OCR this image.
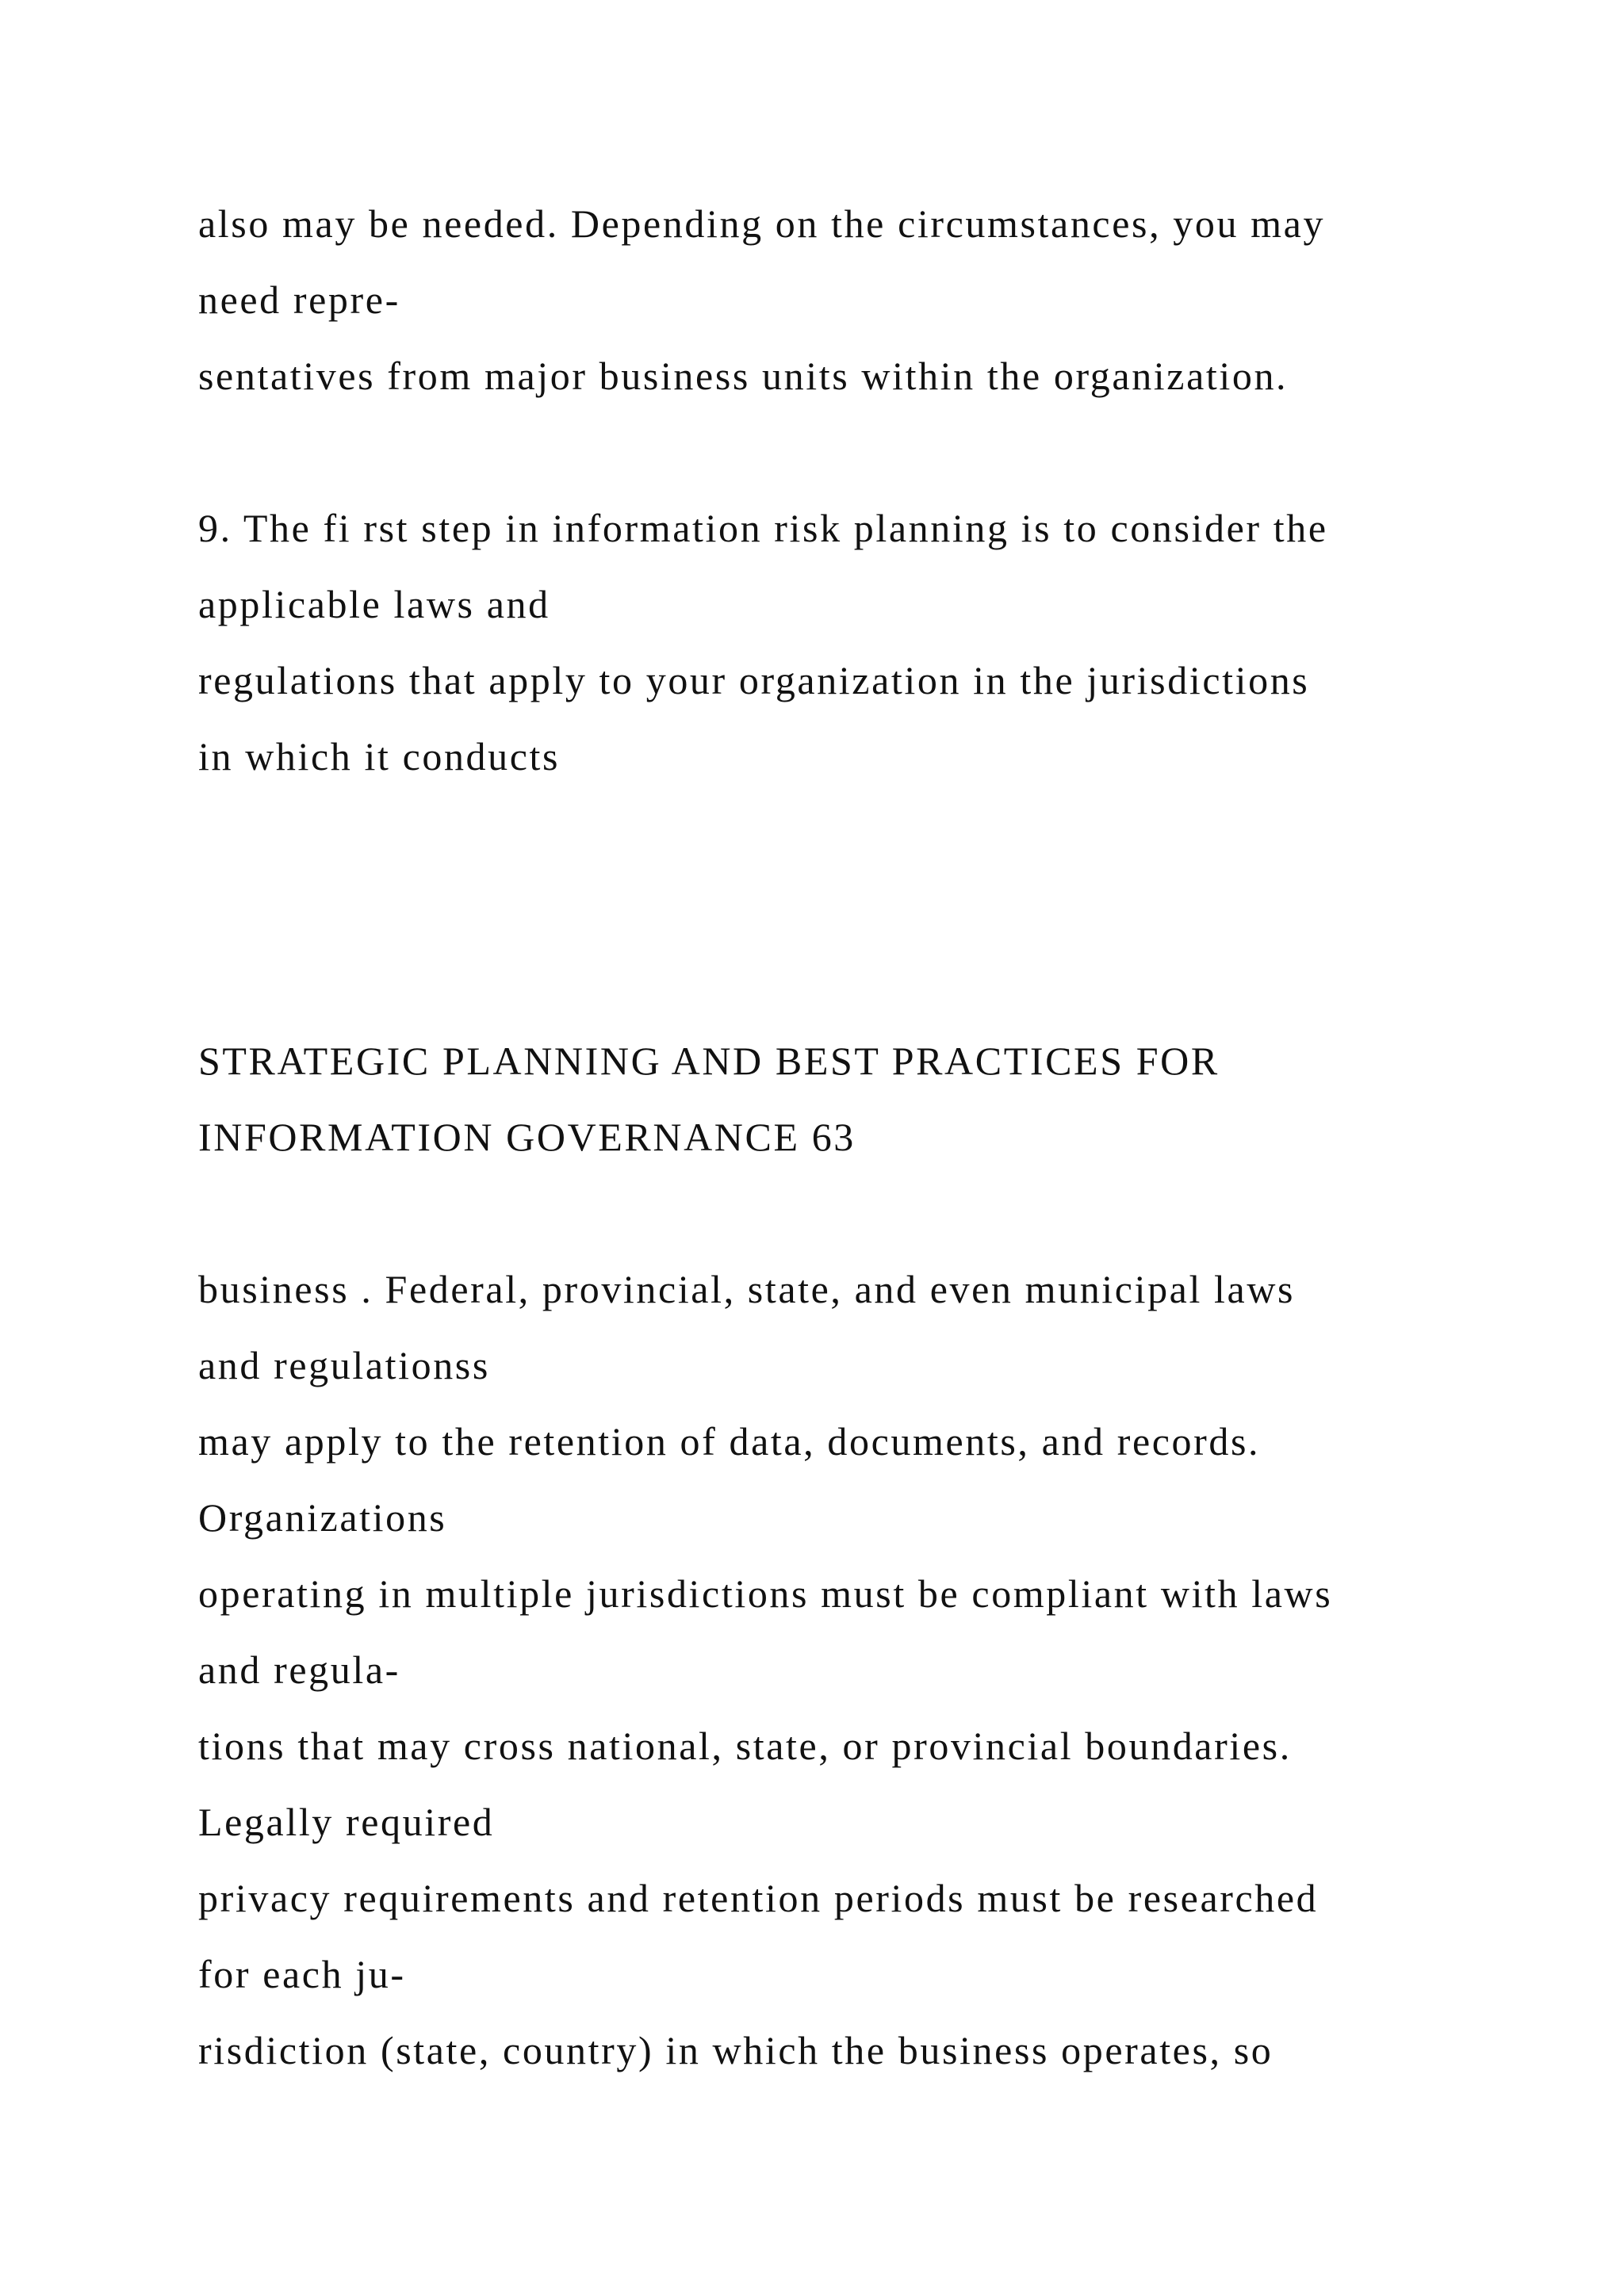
also may be needed. Depending on the circumstances, you may

need repre-

sentatives from major business units within the organization.

9. The fi rst step in information risk planning is to consider the

applicable laws and

regulations that apply to your organization in the jurisdictions

in which it conducts

STRATEGIC PLANNING AND BEST PRACTICES FOR

INFORMATION GOVERNANCE 63

business . Federal, provincial, state, and even municipal laws

and regulationss

may apply to the retention of data, documents, and records.

Organizations

operating in multiple jurisdictions must be compliant with laws

and regula-

tions that may cross national, state, or provincial boundaries.

Legally required

privacy requirements and retention periods must be researched

for each ju-

risdiction (state, country) in which the business operates, so
